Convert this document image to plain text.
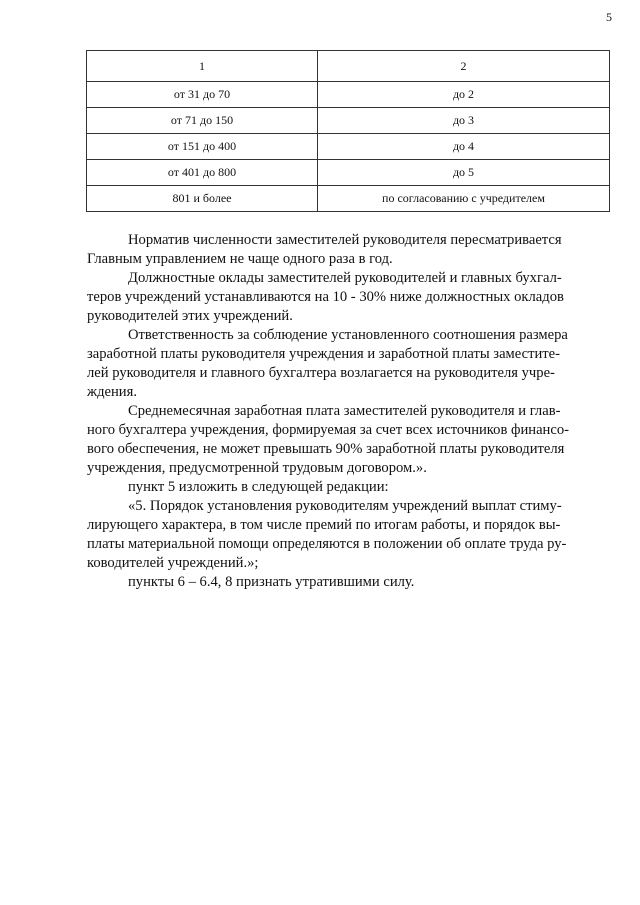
5
1	2
от 31 до 70	до 2
от 71 до 150	до 3
от 151 до 400	до 4
от 401 до 800	до 5
801 и более	по согласованию с учредителем

Норматив численности заместителей руководителя пересматривается
Главным управлением не чаще одного раза в год.

Должностные оклады заместителей руководителей и главных бухгал-
теров учреждений устанавливаются на 10 - 30% ниже должностных окладов
руководителей этих учреждений.

Ответственность за соблюдение установленного соотношения размера
заработной платы руководителя учреждения и заработной платы заместите-
лей руководителя и главного бухгалтера возлагается на руководителя учре-
ждения.

Среднемесячная заработная плата заместителей руководителя и глав-
ного бухгалтера учреждения, формируемая за счет всех источников финансо-
вого обеспечения, не может превышать 90% заработной платы руководителя
учреждения, предусмотренной трудовым договором.».

пункт 5 изложить в следующей редакции:

«5. Порядок установления руководителям учреждений выплат стиму-
лирующего характера, в том числе премий по итогам работы, и порядок вы-
платы материальной помощи определяются в положении об оплате труда ру-
ководителей учреждений.»;

пункты 6 – 6.4, 8 признать утратившими силу.
